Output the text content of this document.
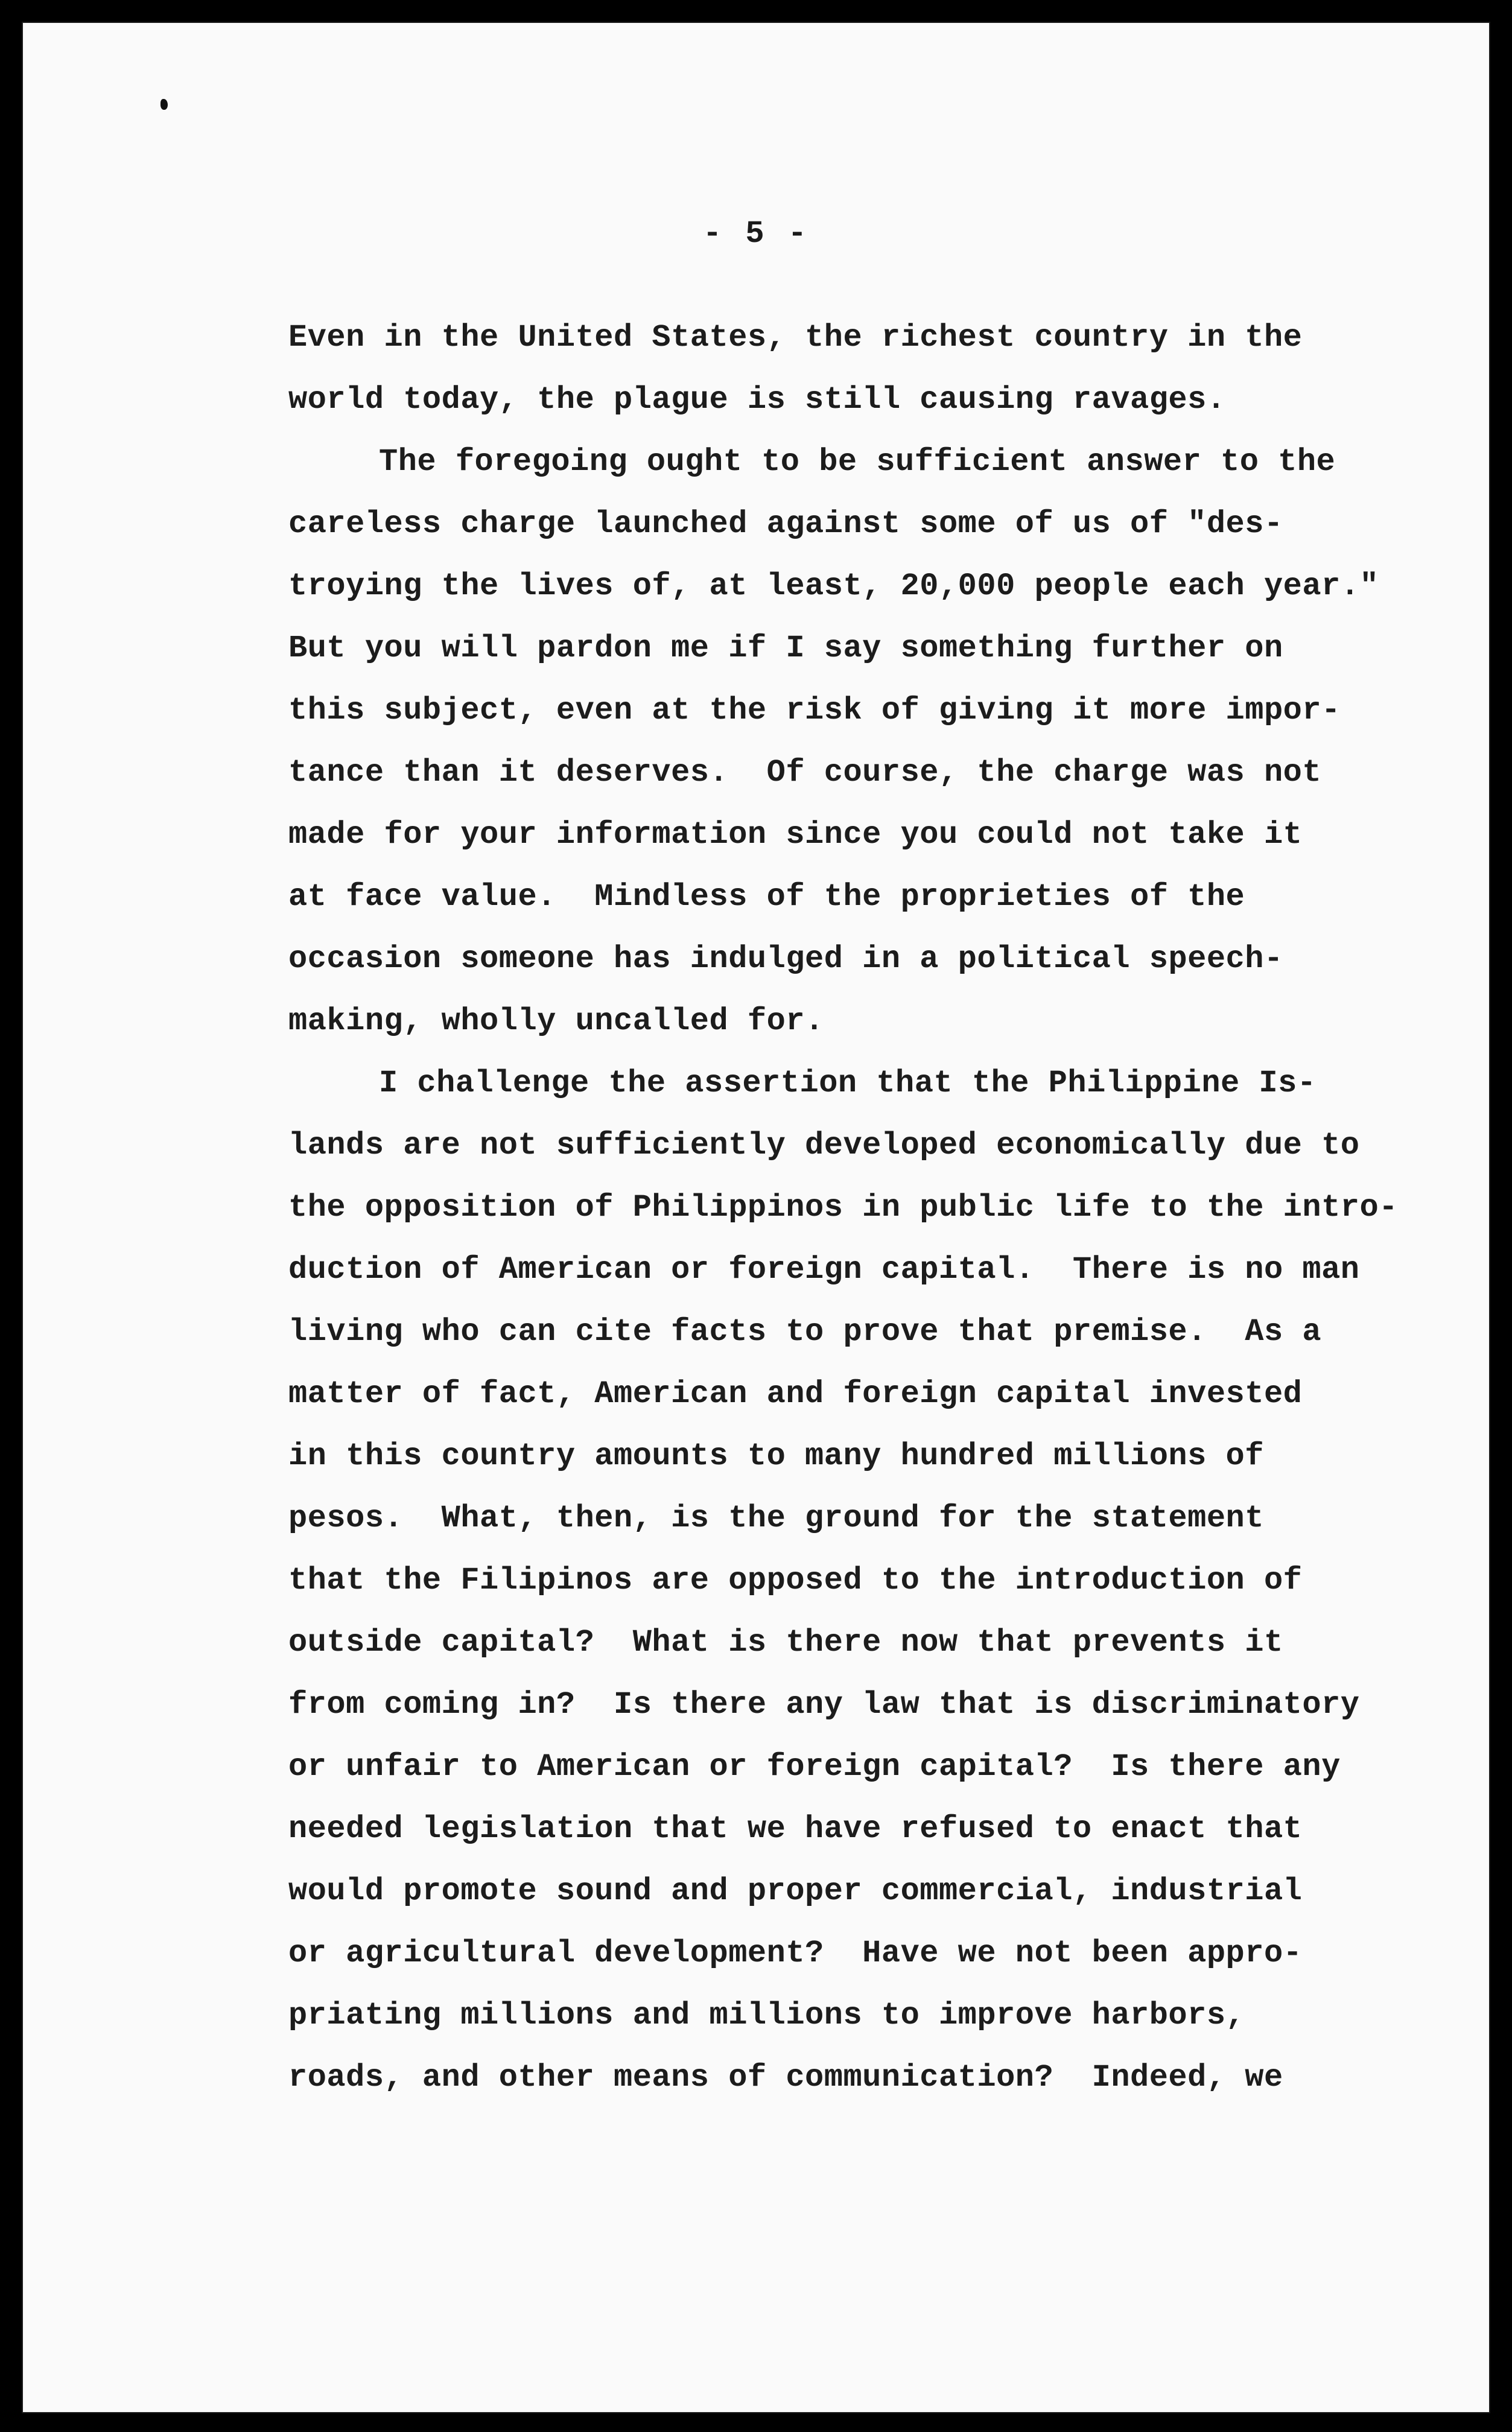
- 5 -

Even in the United States, the richest country in the

world today, the plague is still causing ravages.

The foregoing ought to be sufficient answer to the

careless charge launched against some of us of "des-

troying the lives of, at least, 20,000 people each year."

But you will pardon me if I say something further on

this subject, even at the risk of giving it more impor-

tance than it deserves.  Of course, the charge was not

made for your information since you could not take it

at face value.  Mindless of the proprieties of the

occasion someone has indulged in a political speech-

making, wholly uncalled for.

I challenge the assertion that the Philippine Is-

lands are not sufficiently developed economically due to

the opposition of Philippinos in public life to the intro-

duction of American or foreign capital.  There is no man

living who can cite facts to prove that premise.  As a

matter of fact, American and foreign capital invested

in this country amounts to many hundred millions of

pesos.  What, then, is the ground for the statement

that the Filipinos are opposed to the introduction of

outside capital?  What is there now that prevents it

from coming in?  Is there any law that is discriminatory

or unfair to American or foreign capital?  Is there any

needed legislation that we have refused to enact that

would promote sound and proper commercial, industrial

or agricultural development?  Have we not been appro-

priating millions and millions to improve harbors,

roads, and other means of communication?  Indeed, we
